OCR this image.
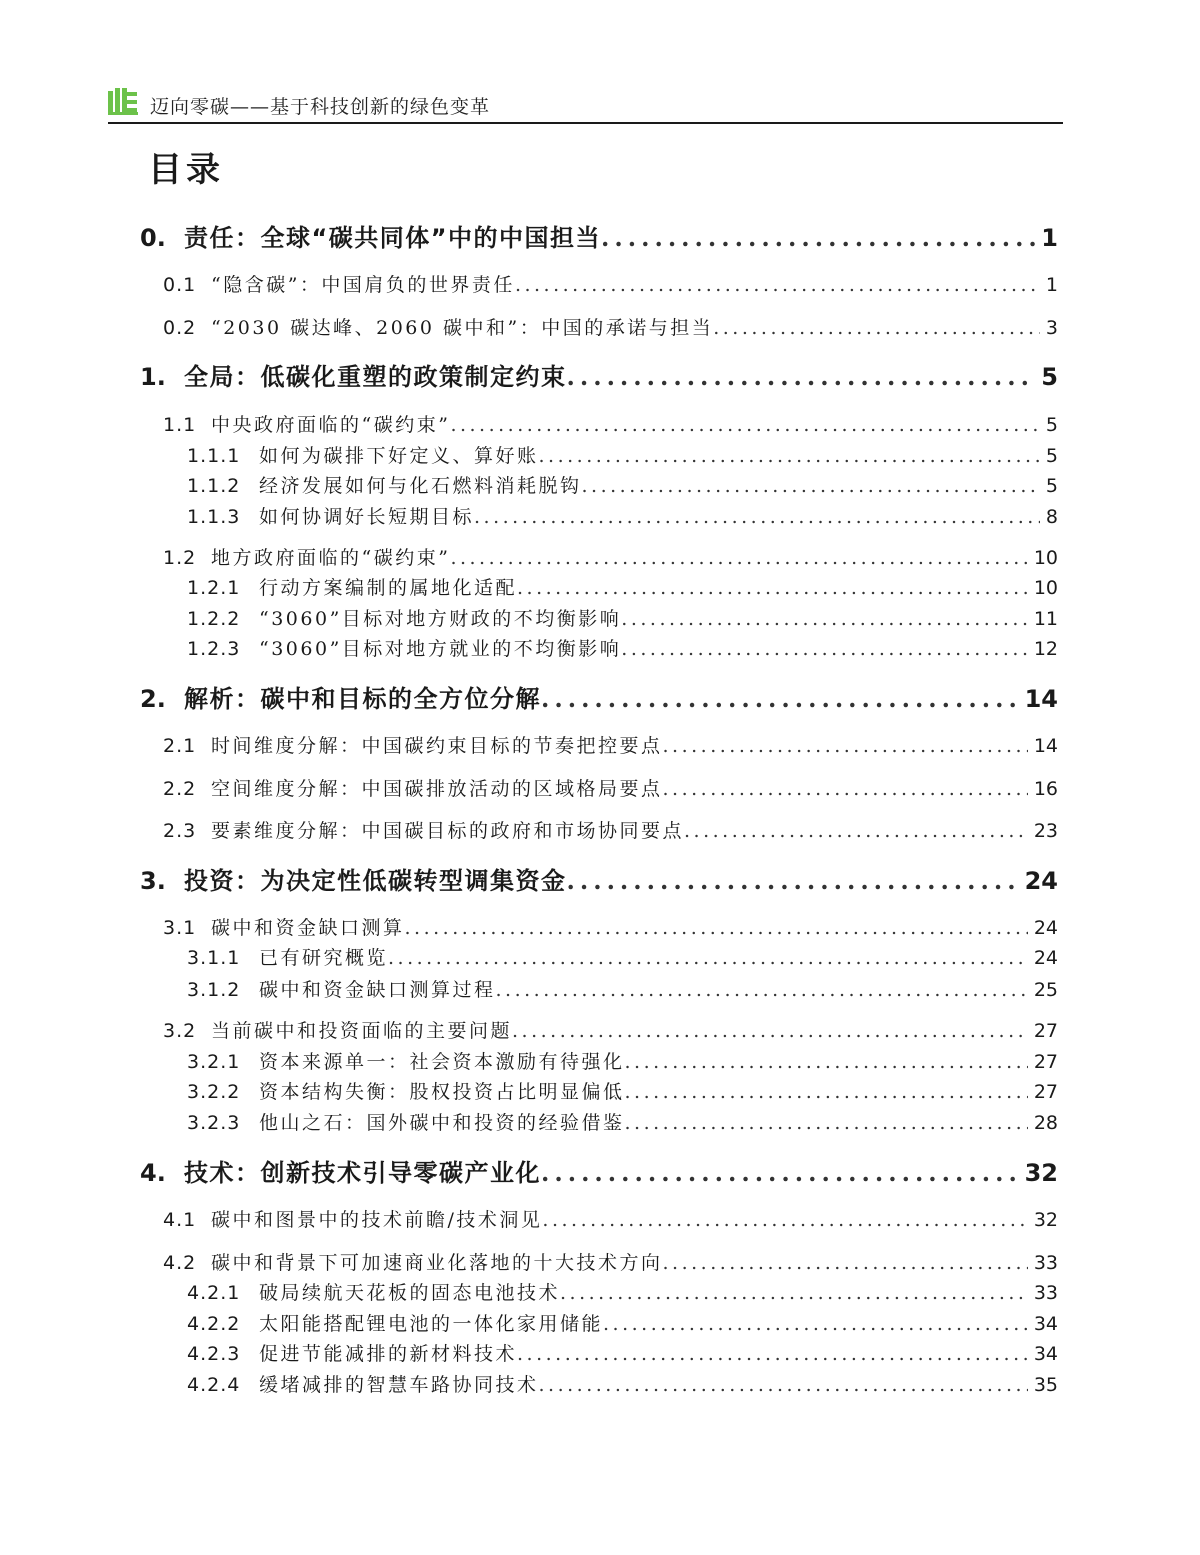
迈向零碳——基于科技创新的绿色变革
目录
0. 责任：全球“碳共同体”中的中国担当 .....	1
0.1 “隐含碳”：中国肩负的世界责任 .....	1
0.2 “2030 碳达峰、2060 碳中和”：中国的承诺与担当 .....	3
1. 全局：低碳化重塑的政策制定约束 .....	5
1.1 中央政府面临的“碳约束” .....	5
1.1.1 如何为碳排下好定义、算好账 .....	5
1.1.2 经济发展如何与化石燃料消耗脱钩 .....	5
1.1.3 如何协调好长短期目标 .....	8
1.2 地方政府面临的“碳约束” .....	10
1.2.1 行动方案编制的属地化适配 .....	10
1.2.2 “3060”目标对地方财政的不均衡影响 .....	11
1.2.3 “3060”目标对地方就业的不均衡影响 .....	12
2. 解析：碳中和目标的全方位分解 .....	14
2.1 时间维度分解：中国碳约束目标的节奏把控要点 .....	14
2.2 空间维度分解：中国碳排放活动的区域格局要点 .....	16
2.3 要素维度分解：中国碳目标的政府和市场协同要点 .....	23
3. 投资：为决定性低碳转型调集资金 .....	24
3.1 碳中和资金缺口测算 .....	24
3.1.1 已有研究概览 .....	24
3.1.2 碳中和资金缺口测算过程 .....	25
3.2 当前碳中和投资面临的主要问题 .....	27
3.2.1 资本来源单一：社会资本激励有待强化 .....	27
3.2.2 资本结构失衡：股权投资占比明显偏低 .....	27
3.2.3 他山之石：国外碳中和投资的经验借鉴 .....	28
4. 技术：创新技术引导零碳产业化 .....	32
4.1 碳中和图景中的技术前瞻/技术洞见 .....	32
4.2 碳中和背景下可加速商业化落地的十大技术方向 .....	33
4.2.1 破局续航天花板的固态电池技术 .....	33
4.2.2 太阳能搭配锂电池的一体化家用储能 .....	34
4.2.3 促进节能减排的新材料技术 .....	34
4.2.4 缓堵减排的智慧车路协同技术 .....	35
